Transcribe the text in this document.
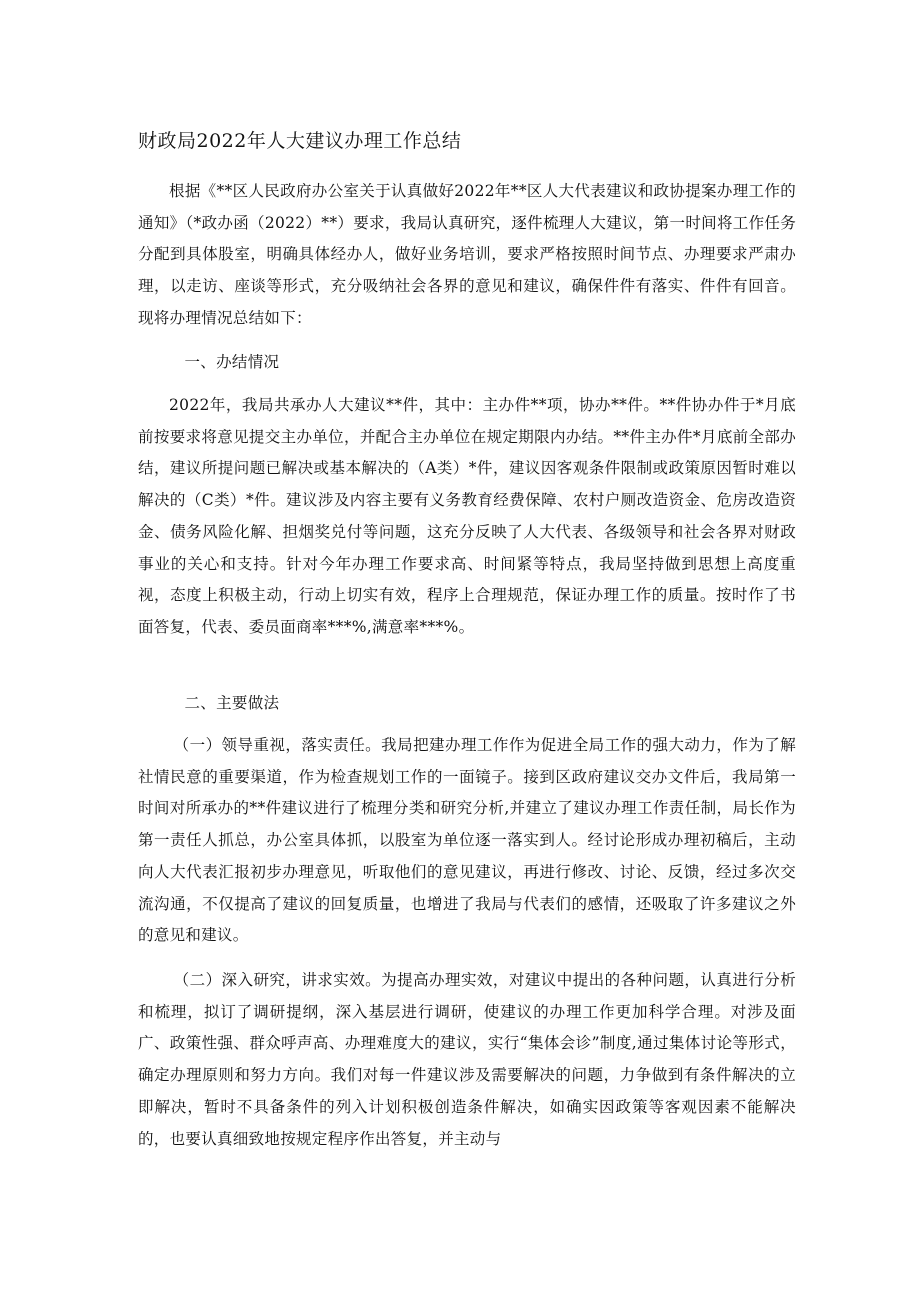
财政局2022年人大建议办理工作总结

根据《**区人民政府办公室关于认真做好2022年**区人大代表建议和政协提案办理工作的通知》（*政办函（2022）**）要求，我局认真研究，逐件梳理人大建议，第一时间将工作任务分配到具体股室，明确具体经办人，做好业务培训，要求严格按照时间节点、办理要求严肃办理，以走访、座谈等形式，充分吸纳社会各界的意见和建议，确保件件有落实、件件有回音。现将办理情况总结如下：

一、办结情况

2022年，我局共承办人大建议**件，其中：主办件**项，协办**件。**件协办件于*月底前按要求将意见提交主办单位，并配合主办单位在规定期限内办结。**件主办件*月底前全部办结，建议所提问题已解决或基本解决的（A类）*件，建议因客观条件限制或政策原因暂时难以解决的（C类）*件。建议涉及内容主要有义务教育经费保障、农村户厕改造资金、危房改造资金、债务风险化解、担烟奖兑付等问题，这充分反映了人大代表、各级领导和社会各界对财政事业的关心和支持。针对今年办理工作要求高、时间紧等特点，我局坚持做到思想上高度重视，态度上积极主动，行动上切实有效，程序上合理规范，保证办理工作的质量。按时作了书面答复，代表、委员面商率***%,满意率***%。

二、主要做法

（一）领导重视，落实责任。我局把建办理工作作为促进全局工作的强大动力，作为了解社情民意的重要渠道，作为检查规划工作的一面镜子。接到区政府建议交办文件后，我局第一时间对所承办的**件建议进行了梳理分类和研究分析,并建立了建议办理工作责任制，局长作为第一责任人抓总，办公室具体抓，以股室为单位逐一落实到人。经讨论形成办理初稿后，主动向人大代表汇报初步办理意见，听取他们的意见建议，再进行修改、讨论、反馈，经过多次交流沟通，不仅提高了建议的回复质量，也增进了我局与代表们的感情，还吸取了许多建议之外的意见和建议。

（二）深入研究，讲求实效。为提高办理实效，对建议中提出的各种问题，认真进行分析和梳理，拟订了调研提纲，深入基层进行调研，使建议的办理工作更加科学合理。对涉及面广、政策性强、群众呼声高、办理难度大的建议，实行“集体会诊”制度,通过集体讨论等形式，确定办理原则和努力方向。我们对每一件建议涉及需要解决的问题，力争做到有条件解决的立即解决，暂时不具备条件的列入计划积极创造条件解决，如确实因政策等客观因素不能解决的，也要认真细致地按规定程序作出答复，并主动与
